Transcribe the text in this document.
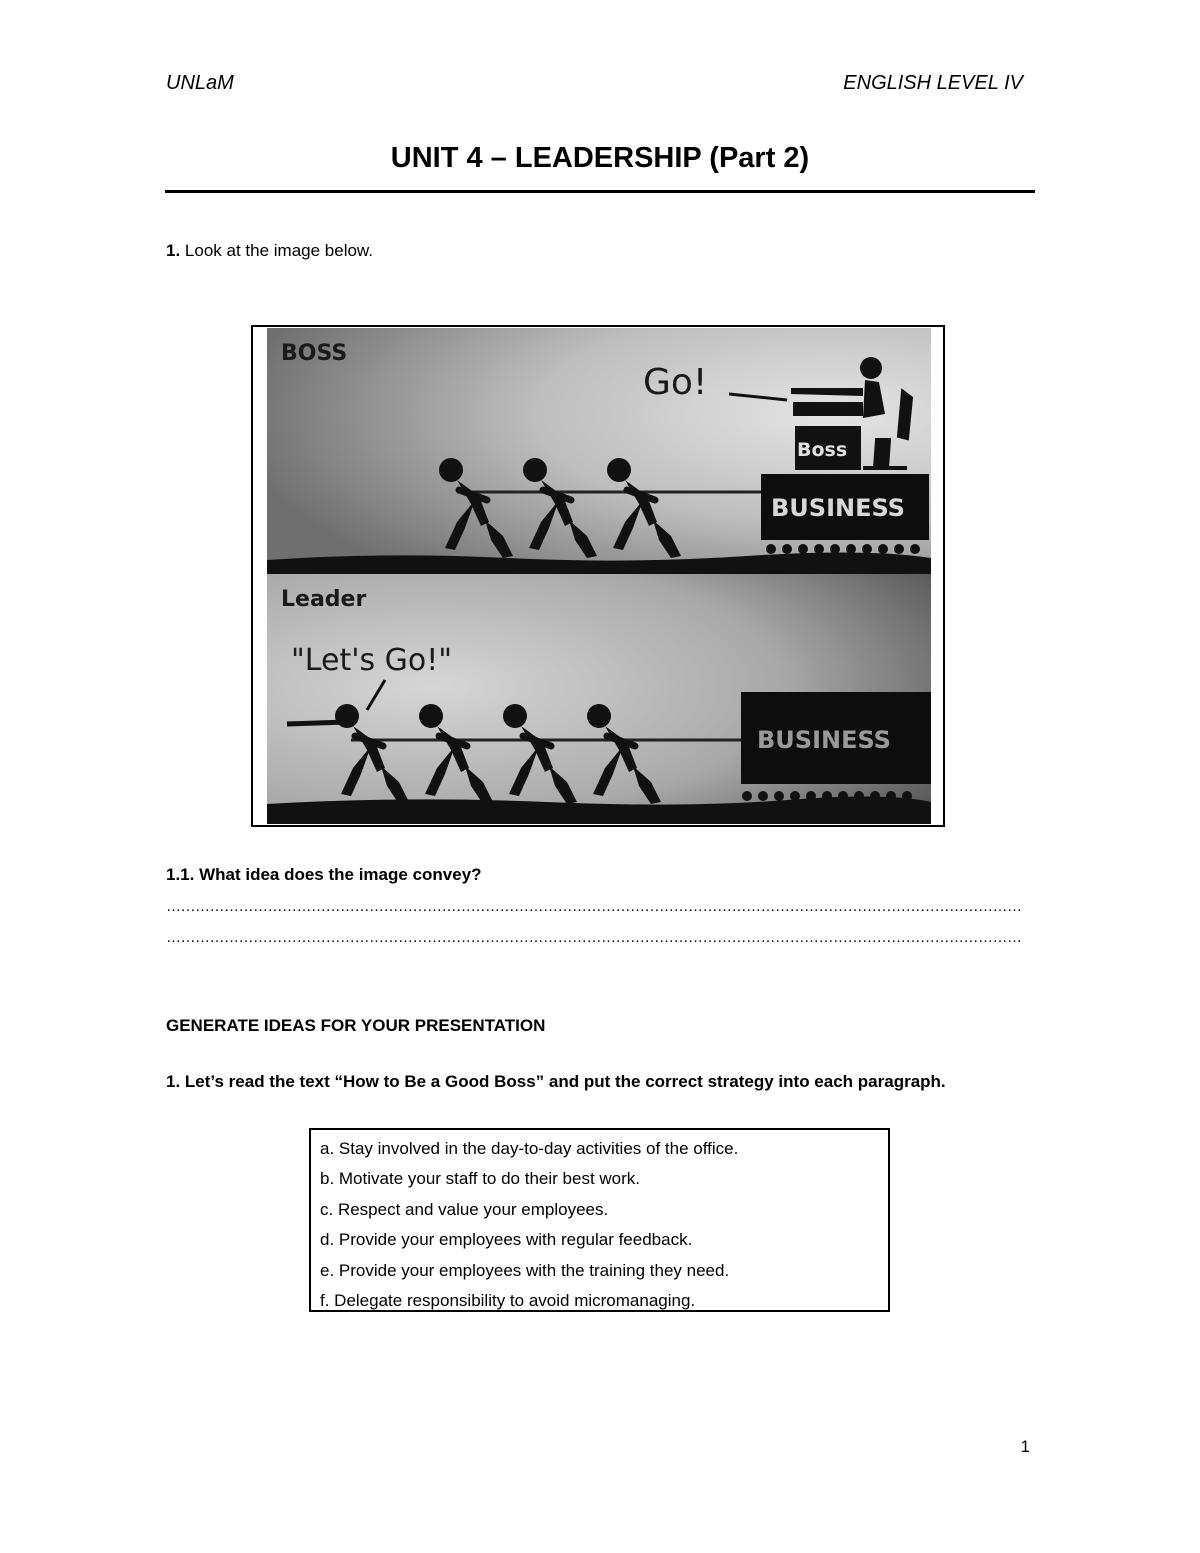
UNLaM	ENGLISH LEVEL IV
UNIT 4 – LEADERSHIP (Part 2)
1. Look at the image below.
BOSS
Go!
Boss
BUSINESS
Leader
"Let's Go!"
BUSINESS
1.1. What idea does the image convey?
……………………………………………………………………………………………………………………………………………………………
……………………………………………………………………………………………………………………………………………………………
GENERATE IDEAS FOR YOUR PRESENTATION
1. Let’s read the text “How to Be a Good Boss” and put the correct strategy into each paragraph.
a. Stay involved in the day-to-day activities of the office.
b. Motivate your staff to do their best work.
c. Respect and value your employees.
d. Provide your employees with regular feedback.
e. Provide your employees with the training they need.
f. Delegate responsibility to avoid micromanaging.
1
